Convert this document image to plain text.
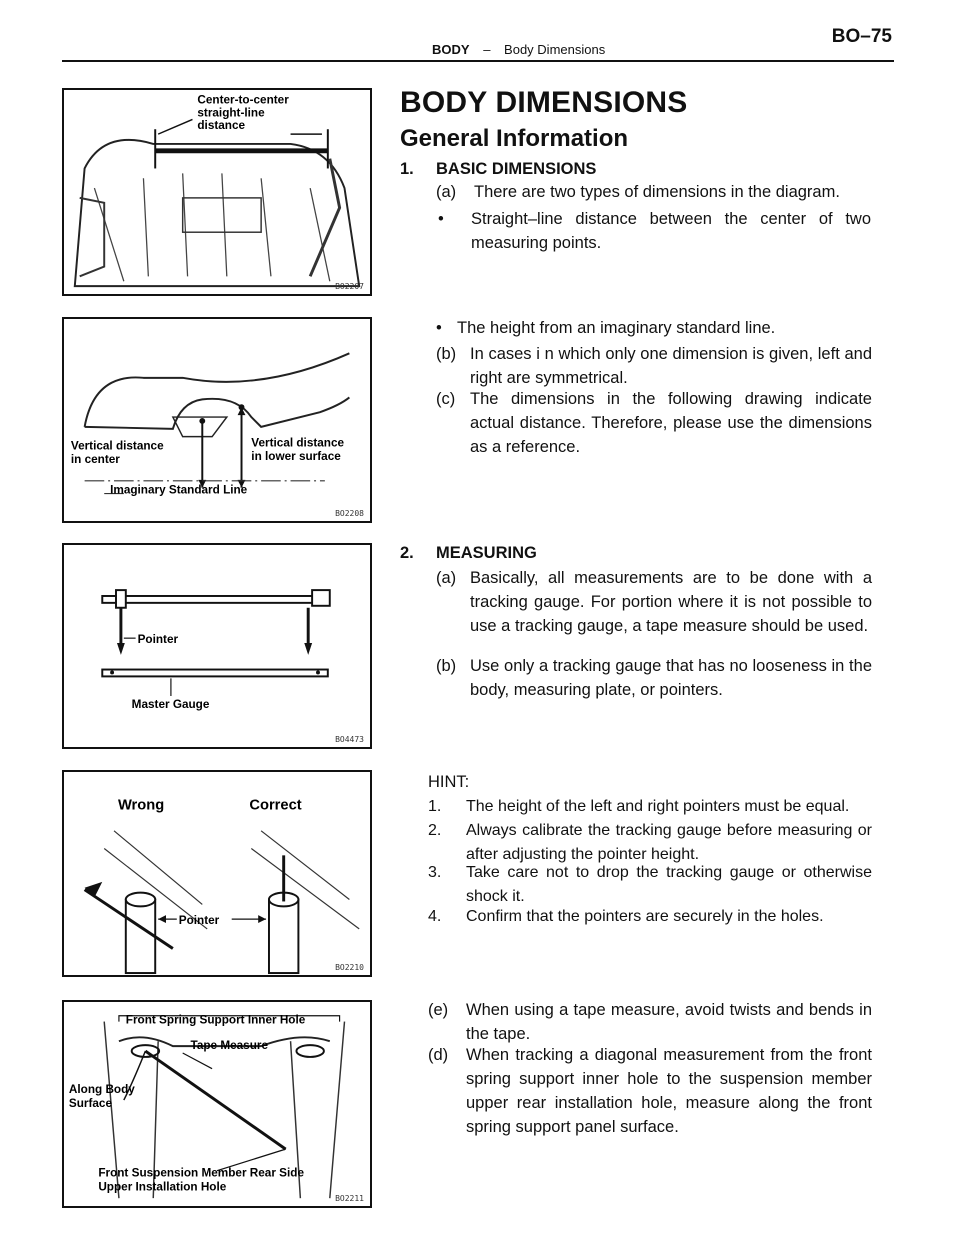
BODY – Body Dimensions
BO–75
Center-to-center
straight-line
distance
BO2207
Vertical distance
in center
Vertical distance
in lower surface
Imaginary Standard Line
BO2208
Pointer
Master Gauge
BO4473
Wrong	Correct
Pointer
BO2210
Front Spring Support Inner Hole
Tape Measure
Along Body
Surface
Front Suspension Member Rear Side
Upper Installation Hole
BO2211
BODY DIMENSIONS
General Information
1. BASIC DIMENSIONS
(a) There are two types of dimensions in the diagram.
• Straight–line distance between the center of two measuring points.
• The height from an imaginary standard line.
(b) In cases i n which only one dimension is given, left and right are symmetrical.
(c) The dimensions in the following drawing indicate actual distance. Therefore, please use the dimensions as a reference.
2. MEASURING
(a) Basically, all measurements are to be done with a tracking gauge. For portion where it is not possible to use a tracking gauge, a tape measure should be used.
(b) Use only a tracking gauge that has no looseness in the body, measuring plate, or pointers.
HINT:
1. The height of the left and right pointers must be equal.
2. Always calibrate the tracking gauge before measuring or after adjusting the pointer height.
3. Take care not to drop the tracking gauge or otherwise shock it.
4. Confirm that the pointers are securely in the holes.
(e) When using a tape measure, avoid twists and bends in the tape.
(d) When tracking a diagonal measurement from the front spring support inner hole to the suspension member upper rear installation hole, measure along the front spring support panel surface.
